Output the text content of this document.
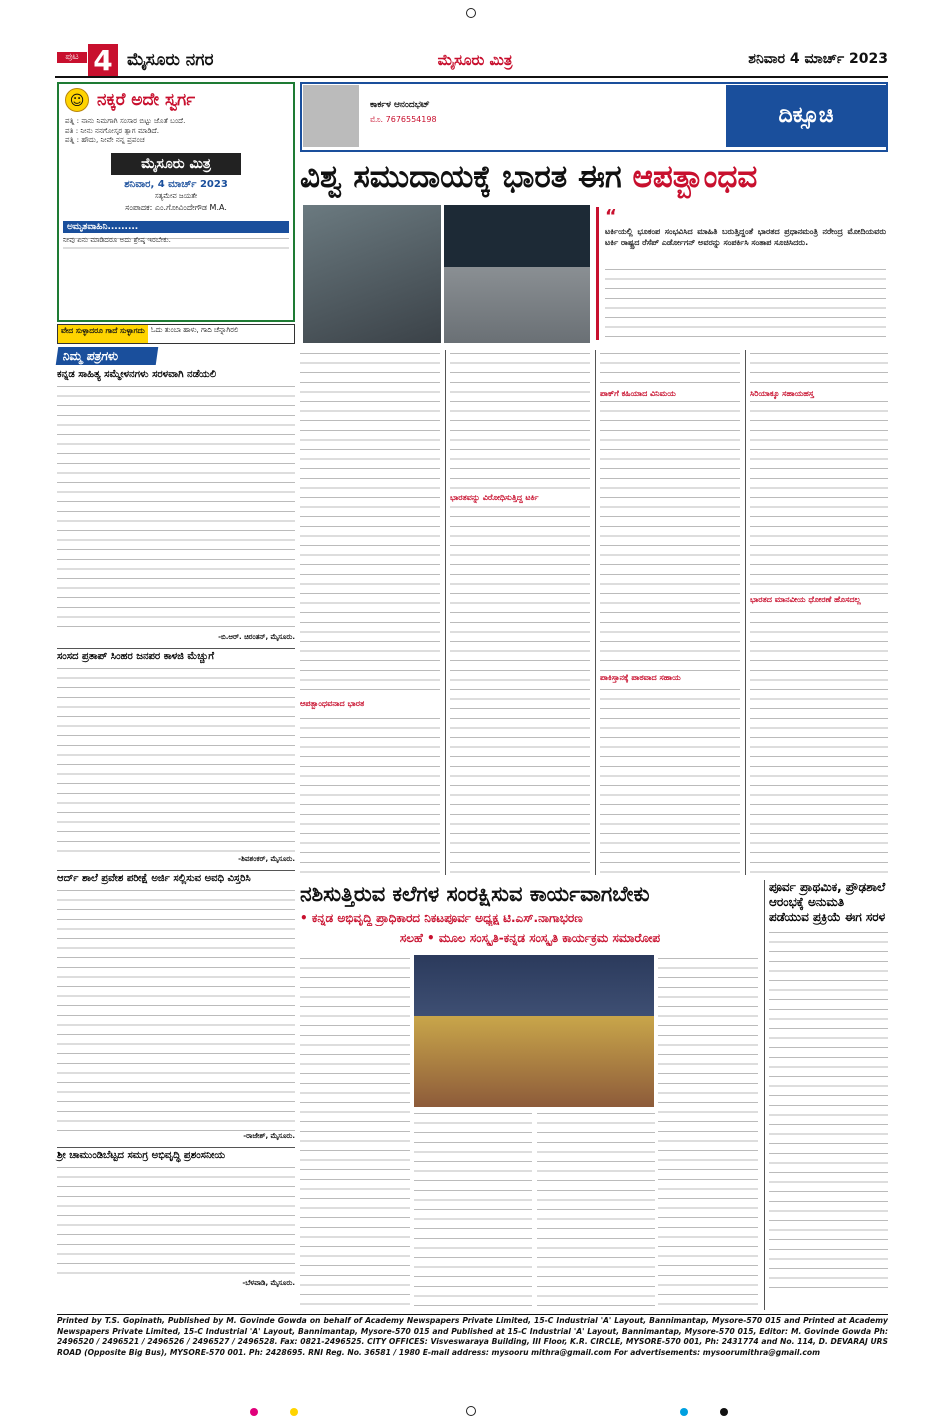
ಪುಟ 4 ಮೈಸೂರು ನಗರ	ಮೈಸೂರು ಮಿತ್ರ	ಶನಿವಾರ 4 ಮಾರ್ಚ್ 2023
☺ ನಕ್ಕರೆ ಅದೇ ಸ್ವರ್ಗ
ಪತ್ನಿ : ನಾನು ನಿಮಗಾಗಿ ಸಂಸಾರ ಬಿಟ್ಟು ಜೊತೆ ಬಂದೆ.
ಪತಿ : ನೀನು ನನಗೋಸ್ಕರ ತ್ಯಾಗ ಮಾಡಿದೆ.
ಪತ್ನಿ : ಹೌದು, ನೀವೇ ನನ್ನ ಪ್ರಪಂಚ
ಮೈಸೂರು ಮಿತ್ರ
ಶನಿವಾರ, 4 ಮಾರ್ಚ್ 2023
ಸತ್ಯಮೇವ ಜಯತೇ
ಸಂಪಾದಕ: ಎಂ.ಗೋವಿಂದೇಗೌಡ M.A.
ಅಮೃತವಾಹಿನಿ.........
ನೀವು ಏನು ಮಾಡಿದರೂ ಅದು ಶ್ರೇಷ್ಠ ಇರಬೇಕು.
ವೇದ ಸುಳ್ಳಾದರೂ ಗಾದೆ ಸುಳ್ಳಾಗದು ಓದು ತುಂಬಾ ಹಾಳು, ಗಾದಿ ಚೆನ್ನಾಗಿರಲಿ
ನಿಮ್ಮ ಪತ್ರಗಳು
ಕನ್ನಡ ಸಾಹಿತ್ಯ ಸಮ್ಮೇಳನಗಳು ಸರಳವಾಗಿ ನಡೆಯಲಿ
-ಬಿ.ಆರ್. ಚಿರಂತನ್, ಮೈಸೂರು.
ಸಂಸದ ಪ್ರತಾಪ್ ಸಿಂಹರ ಜನಪರ ಕಾಳಜಿ ಮೆಚ್ಚುಗೆ
-ಶಿವಶಂಕರ್, ಮೈಸೂರು.
ಆರ್ದ್‌ ಶಾಲೆ ಪ್ರವೇಶ ಪರೀಕ್ಷೆ ಅರ್ಜಿ ಸಲ್ಲಿಸುವ ಅವಧಿ ವಿಸ್ತರಿಸಿ
-ರಾಜೇಶ್, ಮೈಸೂರು.
ಶ್ರೀ ಚಾಮುಂಡಿಬೆಟ್ಟದ ಸಮಗ್ರ ಅಭಿವೃದ್ಧಿ ಪ್ರಶಂಸನೀಯ
-ಬೆಳವಾಡಿ, ಮೈಸೂರು.
ಕಾರ್ಕಳ ಆನಂದಭಟ್
ಮೊ. 7676554198	ದಿಕ್ಸೂಚಿ
ವಿಶ್ವ ಸಮುದಾಯಕ್ಕೆ ಭಾರತ ಈಗ ಆಪತ್ಬಾಂಧವ
“
ಟರ್ಕಿಯಲ್ಲಿ ಭೂಕಂಪ ಸಂಭವಿಸಿದ ಮಾಹಿತಿ ಬರುತ್ತಿದ್ದಂತೆ ಭಾರತದ ಪ್ರಧಾನಮಂತ್ರಿ ನರೇಂದ್ರ ಮೋದಿಯವರು ಟರ್ಕಿ ರಾಷ್ಟ್ರದ ರೆಸೆಪ್ ಎರ್ಡೋಗನ್ ಅವರನ್ನು ಸಂಪರ್ಕಿಸಿ ಸಂತಾಪ ಸೂಚಿಸಿದರು.
ಭಾರತವನ್ನು ವಿರೋಧಿಸುತ್ತಿದ್ದ ಟರ್ಕಿ
ಆಪತ್ಬಾಂಧವನಾದ ಭಾರತ
ಪಾಕ್‌ಗೆ ಕಹಿಯಾದ ವಿನಿಮಯ
ಪಾಕಿಸ್ತಾನಕ್ಕೆ ಪಾಠವಾದ ಸಹಾಯ
ಸಿರಿಯಾಕ್ಕೂ ಸಹಾಯಹಸ್ತ
ಭಾರತದ ಮಾನವೀಯ ಧೋರಣೆ ಹೊಸದಲ್ಲ
ನಶಿಸುತ್ತಿರುವ ಕಲೆಗಳ ಸಂರಕ್ಷಿಸುವ ಕಾರ್ಯವಾಗಬೇಕು
• ಕನ್ನಡ ಅಭಿವೃದ್ಧಿ ಪ್ರಾಧಿಕಾರದ ನಿಕಟಪೂರ್ವ ಅಧ್ಯಕ್ಷ ಟಿ.ಎಸ್.ನಾಗಾಭರಣ
ಸಲಹೆ • ಮೂಲ ಸಂಸ್ಕೃತಿ-ಕನ್ನಡ ಸಂಸ್ಕೃತಿ ಕಾರ್ಯಕ್ರಮ ಸಮಾರೋಪ
ಪೂರ್ವ ಪ್ರಾಥಮಿಕ, ಪ್ರೌಢಶಾಲೆ ಆರಂಭಕ್ಕೆ ಅನುಮತಿ ಪಡೆಯುವ ಪ್ರಕ್ರಿಯೆ ಈಗ ಸರಳ
Printed by T.S. Gopinath, Published by M. Govinde Gowda on behalf of Academy Newspapers Private Limited, 15-C Industrial 'A' Layout, Bannimantap, Mysore-570 015 and Printed at Academy Newspapers Private Limited, 15-C Industrial 'A' Layout, Bannimantap, Mysore-570 015 and Published at 15-C Industrial 'A' Layout, Bannimantap, Mysore-570 015, Editor: M. Govinde Gowda Ph: 2496520 / 2496521 / 2496526 / 2496527 / 2496528. Fax: 0821-2496525. CITY OFFICES: Visveswaraya Building, III Floor, K.R. CIRCLE, MYSORE-570 001, Ph: 2431774 and No. 114, D. DEVARAJ URS ROAD (Opposite Big Bus), MYSORE-570 001. Ph: 2428695. RNI Reg. No. 36581 / 1980 E-mail address: mysooru mithra@gmail.com For advertisements: mysoorumithra@gmail.com
